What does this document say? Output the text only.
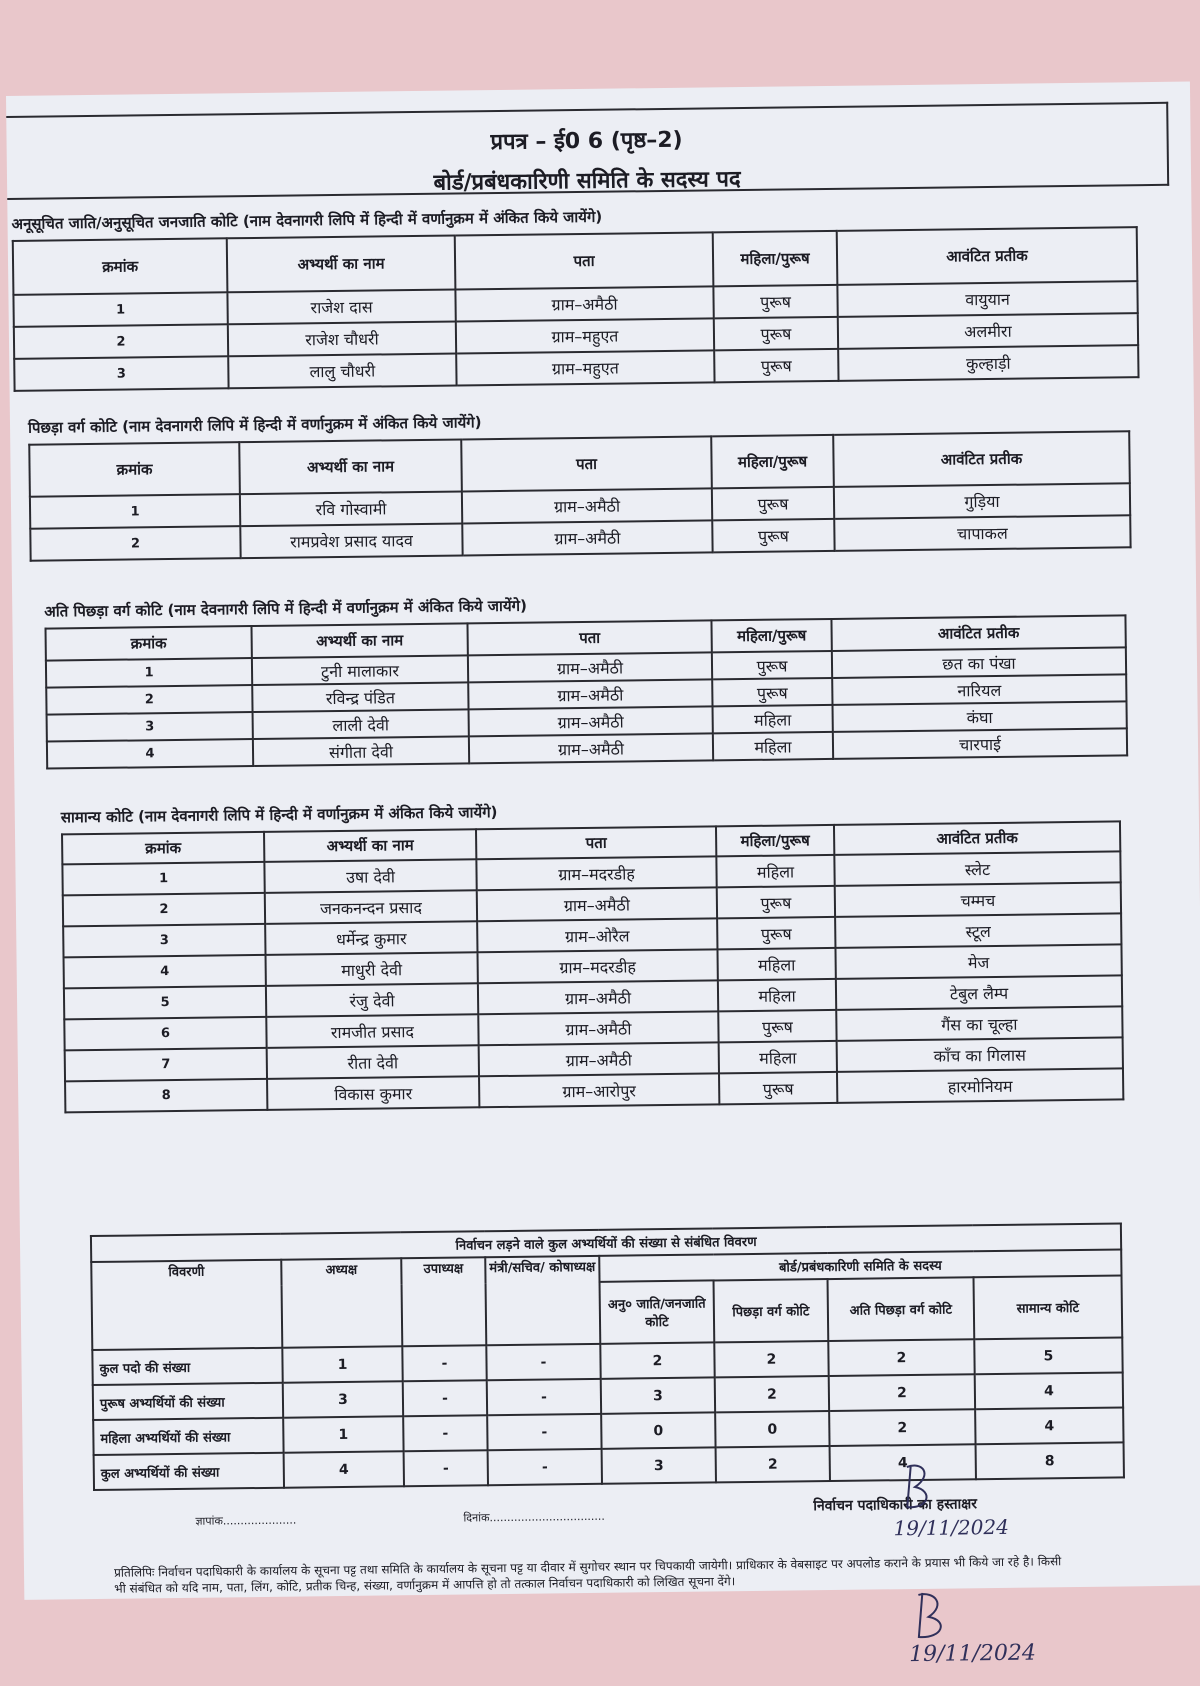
प्रपत्र – ई0 6 (पृष्ठ–2)
बोर्ड/प्रबंधकारिणी समिति के सदस्य पद
अनूसूचित जाति/अनुसूचित जनजाति कोटि (नाम देवनागरी लिपि में हिन्दी में वर्णानुक्रम में अंकित किये जायेंगे)
क्रमांक	अभ्यर्थी का नाम	पता	महिला/पुरूष	आवंटित प्रतीक
1	राजेश दास	ग्राम–अमैठी	पुरूष	वायुयान
2	राजेश चौधरी	ग्राम–महुएत	पुरूष	अलमीरा
3	लालु चौधरी	ग्राम–महुएत	पुरूष	कुल्हाड़ी
पिछड़ा वर्ग कोटि (नाम देवनागरी लिपि में हिन्दी में वर्णानुक्रम में अंकित किये जायेंगे)
क्रमांक	अभ्यर्थी का नाम	पता	महिला/पुरूष	आवंटित प्रतीक
1	रवि गोस्वामी	ग्राम–अमैठी	पुरूष	गुड़िया
2	रामप्रवेश प्रसाद यादव	ग्राम–अमैठी	पुरूष	चापाकल
अति पिछड़ा वर्ग कोटि (नाम देवनागरी लिपि में हिन्दी में वर्णानुक्रम में अंकित किये जायेंगे)
क्रमांक	अभ्यर्थी का नाम	पता	महिला/पुरूष	आवंटित प्रतीक
1	टुनी मालाकार	ग्राम–अमैठी	पुरूष	छत का पंखा
2	रविन्द्र पंडित	ग्राम–अमैठी	पुरूष	नारियल
3	लाली देवी	ग्राम–अमैठी	महिला	कंघा
4	संगीता देवी	ग्राम–अमैठी	महिला	चारपाई
सामान्य कोटि (नाम देवनागरी लिपि में हिन्दी में वर्णानुक्रम में अंकित किये जायेंगे)
क्रमांक	अभ्यर्थी का नाम	पता	महिला/पुरूष	आवंटित प्रतीक
1	उषा देवी	ग्राम–मदरडीह	महिला	स्लेट
2	जनकनन्दन प्रसाद	ग्राम–अमैठी	पुरूष	चम्मच
3	धर्मेन्द्र कुमार	ग्राम–ओरैल	पुरूष	स्टूल
4	माधुरी देवी	ग्राम–मदरडीह	महिला	मेज
5	रंजु देवी	ग्राम–अमैठी	महिला	टेबुल लैम्प
6	रामजीत प्रसाद	ग्राम–अमैठी	पुरूष	गैंस का चूल्हा
7	रीता देवी	ग्राम–अमैठी	महिला	काँच का गिलास
8	विकास कुमार	ग्राम–आरोपुर	पुरूष	हारमोनियम
निर्वाचन लड़ने वाले कुल अभ्यर्थियों की संख्या से संबंधित विवरण							
विवरणी	अध्यक्ष	उपाध्यक्ष	मंत्री/सचिव/ कोषाध्यक्ष	बोर्ड/प्रबंधकारिणी समिति के सदस्य			
				अनु० जाति/जनजाति कोटि	पिछड़ा वर्ग कोटि	अति पिछड़ा वर्ग कोटि	सामान्य कोटि
कुल पदो की संख्या	1	-	-	2	2	2	5
पुरूष अभ्यर्थियों की संख्या	3	-	-	3	2	2	4
महिला अभ्यर्थियों की संख्या	1	-	-	0	0	2	4
कुल अभ्यर्थियों की संख्या	4	-	-	3	2	4	8
ज्ञापांक.....................	दिनांक.................................
निर्वाचन पदाधिकारी का हस्ताक्षर
19/11/2024
19/11/2024
प्रतिलिपिः निर्वाचन पदाधिकारी के कार्यालय के सूचना पट्ट तथा समिति के कार्यालय के सूचना पट्ट या दीवार में सुगोचर स्थान पर चिपकायी जायेगी। प्राधिकार के वेबसाइट पर अपलोड कराने के प्रयास भी किये जा रहे है। किसी भी संबंधित को यदि नाम, पता, लिंग, कोटि, प्रतीक चिन्ह, संख्या, वर्णानुक्रम में आपत्ति हो तो तत्काल निर्वाचन पदाधिकारी को लिखित सूचना देंगे।
